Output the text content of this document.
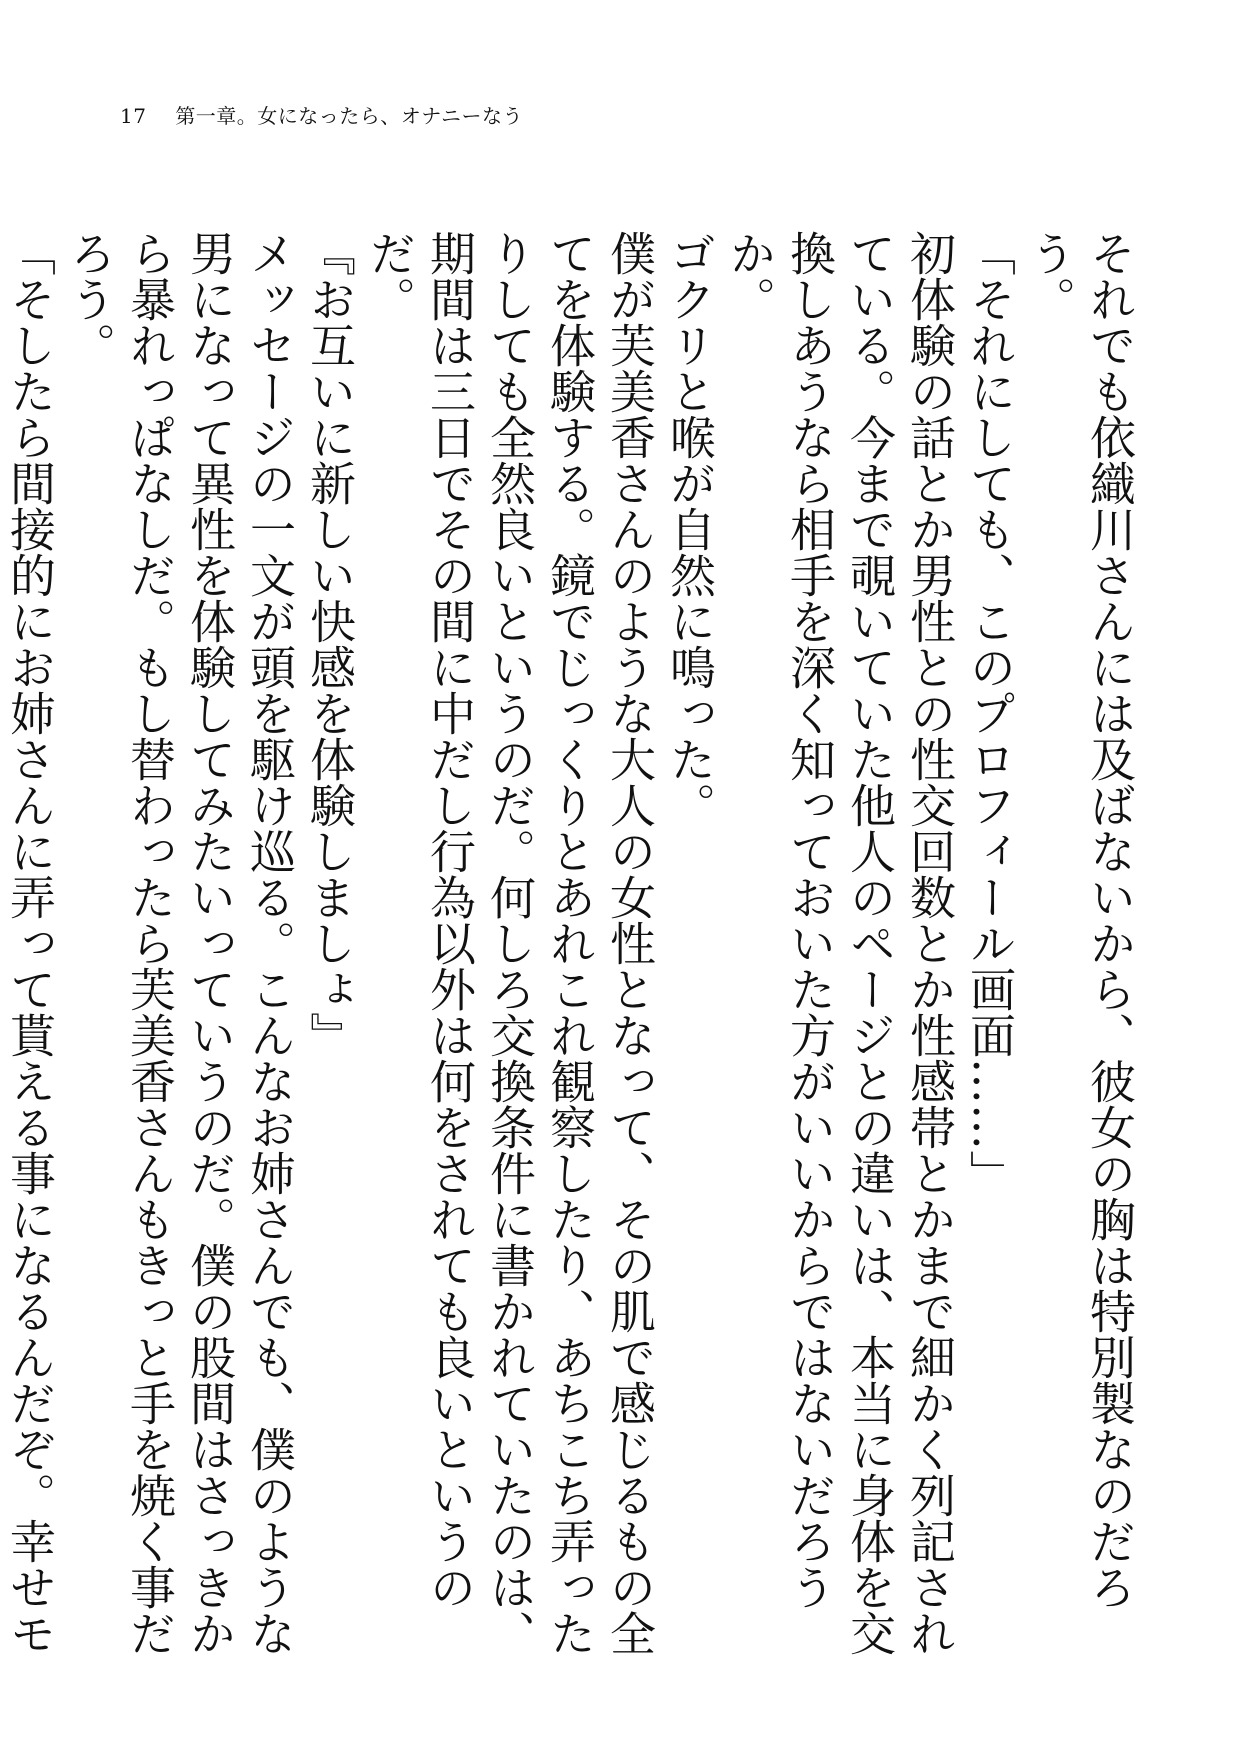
17 第一章。女になったら、オナニーなう

それでも依織川さんには及ばないから、彼女の胸は特別製なのだろう。

「それにしても、このプロフィール画面……」

初体験の話とか男性との性交回数とか性感帯とかまで細かく列記されている。今まで覗いていた他人のページとの違いは、本当に身体を交換しあうなら相手を深く知っておいた方がいいからではないだろうか。

ゴクリと喉が自然に鳴った。

僕が芙美香さんのような大人の女性となって、その肌で感じるもの全てを体験する。鏡でじっくりとあれこれ観察したり、あちこち弄ったりしても全然良いというのだ。何しろ交換条件に書かれていたのは、期間は三日でその間に中だし行為以外は何をされても良いというのだ。

『お互いに新しい快感を体験しましょ』

メッセージの一文が頭を駆け巡る。こんなお姉さんでも、僕のような男になって異性を体験してみたいっていうのだ。僕の股間はさっきから暴れっぱなしだ。もし替わったら芙美香さんもきっと手を焼く事だろう。

「そしたら間接的にお姉さんに弄って貰える事になるんだぞ。幸せモ
